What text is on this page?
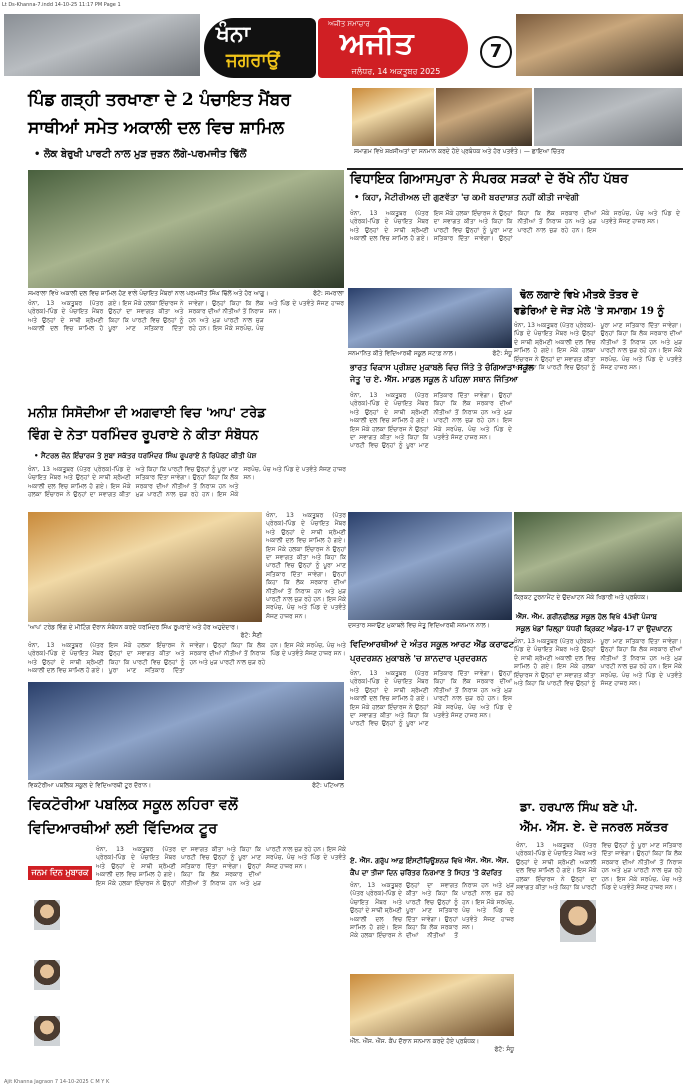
Lt Ds-Khanna-7.indd 14-10-25 11:17 PM Page 1
ਖੰਨਾ
ਜਗਰਾਉਂ
ਅਜੀਤ ਸਮਾਚਾਰ
ਅਜੀਤ
ਜਲੰਧਰ, 14 ਅਕਤੂਬਰ 2025
7
ਪਿੰਡ ਗੜ੍ਹੀ ਤਰਖਾਣਾ ਦੇ 2 ਪੰਚਾਇਤ ਮੈਂਬਰ
ਸਾਥੀਆਂ ਸਮੇਤ ਅਕਾਲੀ ਦਲ ਵਿਚ ਸ਼ਾਮਿਲ
• ਲੋਕ ਬੇਰੁਖੀ ਪਾਰਟੀ ਨਾਲ ਮੁੜ ਜੁੜਨ ਲੱਗੇ-ਪਰਮਜੀਤ ਢਿੱਲੋਂ	ਸਮਾਗਮ ਵਿਖੇ ਸ਼ਖ਼ਸੀਅਤਾਂ ਦਾ ਸਨਮਾਨ ਕਰਦੇ ਹੋਏ ਪ੍ਰਬੰਧਕ ਅਤੇ ਹੋਰ ਪਤਵੰਤੇ। — ਛਾਇਆ ਚਿੱਤਰ
ਸਮਰਾਲਾ ਵਿਖੇ ਅਕਾਲੀ ਦਲ ਵਿਚ ਸ਼ਾਮਿਲ ਹੋਣ ਵਾਲੇ ਪੰਚਾਇਤ ਮੈਂਬਰਾਂ ਨਾਲ ਪਰਮਜੀਤ ਸਿੰਘ ਢਿੱਲੋਂ ਅਤੇ ਹੋਰ ਆਗੂ।	ਫੋਟੋ: ਸਮਰਾਲਾ
ਖੰਨਾ, 13 ਅਕਤੂਬਰ (ਪੱਤਰ ਪ੍ਰੇਰਕ)-ਪਿੰਡ ਦੇ ਪੰਚਾਇਤ ਮੈਂਬਰ ਅਤੇ ਉਨ੍ਹਾਂ ਦੇ ਸਾਥੀ ਸ਼੍ਰੋਮਣੀ ਅਕਾਲੀ ਦਲ ਵਿਚ ਸ਼ਾਮਿਲ ਹੋ ਗਏ। ਇਸ ਮੌਕੇ ਹਲਕਾ ਇੰਚਾਰਜ ਨੇ ਉਨ੍ਹਾਂ ਦਾ ਸਵਾਗਤ ਕੀਤਾ ਅਤੇ ਕਿਹਾ ਕਿ ਪਾਰਟੀ ਵਿਚ ਉਨ੍ਹਾਂ ਨੂੰ ਪੂਰਾ ਮਾਣ ਸਤਿਕਾਰ ਦਿੱਤਾ ਜਾਵੇਗਾ। ਉਨ੍ਹਾਂ ਕਿਹਾ ਕਿ ਲੋਕ ਸਰਕਾਰ ਦੀਆਂ ਨੀਤੀਆਂ ਤੋਂ ਨਿਰਾਸ਼ ਹਨ ਅਤੇ ਮੁੜ ਪਾਰਟੀ ਨਾਲ ਜੁੜ ਰਹੇ ਹਨ। ਇਸ ਮੌਕੇ ਸਰਪੰਚ, ਪੰਚ ਅਤੇ ਪਿੰਡ ਦੇ ਪਤਵੰਤੇ ਸੱਜਣ ਹਾਜ਼ਰ ਸਨ।
ਵਿਧਾਇਕ ਗਿਆਸਪੁਰਾ ਨੇ ਸੰਪਰਕ ਸੜਕਾਂ ਦੇ ਰੱਖੇ ਨੀਂਹ ਪੱਥਰ
• ਕਿਹਾ, ਮੈਟੀਰੀਅਲ ਦੀ ਗੁਣਵੱਤਾ 'ਚ ਕਮੀ ਬਰਦਾਸ਼ਤ ਨਹੀਂ ਕੀਤੀ ਜਾਵੇਗੀ
ਖੰਨਾ, 13 ਅਕਤੂਬਰ (ਪੱਤਰ ਪ੍ਰੇਰਕ)-ਪਿੰਡ ਦੇ ਪੰਚਾਇਤ ਮੈਂਬਰ ਅਤੇ ਉਨ੍ਹਾਂ ਦੇ ਸਾਥੀ ਸ਼੍ਰੋਮਣੀ ਅਕਾਲੀ ਦਲ ਵਿਚ ਸ਼ਾਮਿਲ ਹੋ ਗਏ। ਇਸ ਮੌਕੇ ਹਲਕਾ ਇੰਚਾਰਜ ਨੇ ਉਨ੍ਹਾਂ ਦਾ ਸਵਾਗਤ ਕੀਤਾ ਅਤੇ ਕਿਹਾ ਕਿ ਪਾਰਟੀ ਵਿਚ ਉਨ੍ਹਾਂ ਨੂੰ ਪੂਰਾ ਮਾਣ ਸਤਿਕਾਰ ਦਿੱਤਾ ਜਾਵੇਗਾ। ਉਨ੍ਹਾਂ ਕਿਹਾ ਕਿ ਲੋਕ ਸਰਕਾਰ ਦੀਆਂ ਨੀਤੀਆਂ ਤੋਂ ਨਿਰਾਸ਼ ਹਨ ਅਤੇ ਮੁੜ ਪਾਰਟੀ ਨਾਲ ਜੁੜ ਰਹੇ ਹਨ। ਇਸ ਮੌਕੇ ਸਰਪੰਚ, ਪੰਚ ਅਤੇ ਪਿੰਡ ਦੇ ਪਤਵੰਤੇ ਸੱਜਣ ਹਾਜ਼ਰ ਸਨ।
ਢੋਲ ਲਗਾਏ ਵਿਖੇ ਮੀਤਕੇ ਤੋਤਰ ਦੇ
ਵਡੇਰਿਆਂ ਦੇ ਜੋੜ ਮੇਲੇ 'ਤੇ ਸਮਾਗਮ 19 ਨੂੰ
ਖੰਨਾ, 13 ਅਕਤੂਬਰ (ਪੱਤਰ ਪ੍ਰੇਰਕ)-ਪਿੰਡ ਦੇ ਪੰਚਾਇਤ ਮੈਂਬਰ ਅਤੇ ਉਨ੍ਹਾਂ ਦੇ ਸਾਥੀ ਸ਼੍ਰੋਮਣੀ ਅਕਾਲੀ ਦਲ ਵਿਚ ਸ਼ਾਮਿਲ ਹੋ ਗਏ। ਇਸ ਮੌਕੇ ਹਲਕਾ ਇੰਚਾਰਜ ਨੇ ਉਨ੍ਹਾਂ ਦਾ ਸਵਾਗਤ ਕੀਤਾ ਅਤੇ ਕਿਹਾ ਕਿ ਪਾਰਟੀ ਵਿਚ ਉਨ੍ਹਾਂ ਨੂੰ ਪੂਰਾ ਮਾਣ ਸਤਿਕਾਰ ਦਿੱਤਾ ਜਾਵੇਗਾ। ਉਨ੍ਹਾਂ ਕਿਹਾ ਕਿ ਲੋਕ ਸਰਕਾਰ ਦੀਆਂ ਨੀਤੀਆਂ ਤੋਂ ਨਿਰਾਸ਼ ਹਨ ਅਤੇ ਮੁੜ ਪਾਰਟੀ ਨਾਲ ਜੁੜ ਰਹੇ ਹਨ। ਇਸ ਮੌਕੇ ਸਰਪੰਚ, ਪੰਚ ਅਤੇ ਪਿੰਡ ਦੇ ਪਤਵੰਤੇ ਸੱਜਣ ਹਾਜ਼ਰ ਸਨ।
ਸਨਮਾਨਿਤ ਕੀਤੇ ਵਿਦਿਆਰਥੀ ਸਕੂਲ ਸਟਾਫ਼ ਨਾਲ।	ਫੋਟੋ: ਸੰਧੂ
ਭਾਰਤ ਵਿਕਾਸ ਪ੍ਰੀਸ਼ਦ ਮੁਕਾਬਲੇ ਵਿਚ ਜਿੱਤੇ ਤੇ ਚੰਗਿਆੜਾ ਸਕੂਲ
ਜੇਤੂ 'ਚ ਏ. ਐੱਸ. ਮਾਡਲ ਸਕੂਲ ਨੇ ਪਹਿਲਾ ਸਥਾਨ ਜਿੱਤਿਆ
ਖੰਨਾ, 13 ਅਕਤੂਬਰ (ਪੱਤਰ ਪ੍ਰੇਰਕ)-ਪਿੰਡ ਦੇ ਪੰਚਾਇਤ ਮੈਂਬਰ ਅਤੇ ਉਨ੍ਹਾਂ ਦੇ ਸਾਥੀ ਸ਼੍ਰੋਮਣੀ ਅਕਾਲੀ ਦਲ ਵਿਚ ਸ਼ਾਮਿਲ ਹੋ ਗਏ। ਇਸ ਮੌਕੇ ਹਲਕਾ ਇੰਚਾਰਜ ਨੇ ਉਨ੍ਹਾਂ ਦਾ ਸਵਾਗਤ ਕੀਤਾ ਅਤੇ ਕਿਹਾ ਕਿ ਪਾਰਟੀ ਵਿਚ ਉਨ੍ਹਾਂ ਨੂੰ ਪੂਰਾ ਮਾਣ ਸਤਿਕਾਰ ਦਿੱਤਾ ਜਾਵੇਗਾ। ਉਨ੍ਹਾਂ ਕਿਹਾ ਕਿ ਲੋਕ ਸਰਕਾਰ ਦੀਆਂ ਨੀਤੀਆਂ ਤੋਂ ਨਿਰਾਸ਼ ਹਨ ਅਤੇ ਮੁੜ ਪਾਰਟੀ ਨਾਲ ਜੁੜ ਰਹੇ ਹਨ। ਇਸ ਮੌਕੇ ਸਰਪੰਚ, ਪੰਚ ਅਤੇ ਪਿੰਡ ਦੇ ਪਤਵੰਤੇ ਸੱਜਣ ਹਾਜ਼ਰ ਸਨ।
ਮਨੀਸ਼ ਸਿਸੋਦੀਆ ਦੀ ਅਗਵਾਈ ਵਿਚ 'ਆਪ' ਟਰੇਡ
ਵਿੰਗ ਦੇ ਨੇਤਾ ਧਰਮਿੰਦਰ ਰੂਪਰਾਏ ਨੇ ਕੀਤਾ ਸੰਬੋਧਨ
• ਸੈਂਟਰਲ ਜ਼ੋਨ ਇੰਚਾਰਜ ਤੇ ਸੂਬਾ ਸਕੱਤਰ ਧਰਮਿੰਦਰ ਸਿੰਘ ਰੂਪਰਾਏ ਨੇ ਰਿਪੋਰਟ ਕੀਤੀ ਪੇਸ਼
ਖੰਨਾ, 13 ਅਕਤੂਬਰ (ਪੱਤਰ ਪ੍ਰੇਰਕ)-ਪਿੰਡ ਦੇ ਪੰਚਾਇਤ ਮੈਂਬਰ ਅਤੇ ਉਨ੍ਹਾਂ ਦੇ ਸਾਥੀ ਸ਼੍ਰੋਮਣੀ ਅਕਾਲੀ ਦਲ ਵਿਚ ਸ਼ਾਮਿਲ ਹੋ ਗਏ। ਇਸ ਮੌਕੇ ਹਲਕਾ ਇੰਚਾਰਜ ਨੇ ਉਨ੍ਹਾਂ ਦਾ ਸਵਾਗਤ ਕੀਤਾ ਅਤੇ ਕਿਹਾ ਕਿ ਪਾਰਟੀ ਵਿਚ ਉਨ੍ਹਾਂ ਨੂੰ ਪੂਰਾ ਮਾਣ ਸਤਿਕਾਰ ਦਿੱਤਾ ਜਾਵੇਗਾ। ਉਨ੍ਹਾਂ ਕਿਹਾ ਕਿ ਲੋਕ ਸਰਕਾਰ ਦੀਆਂ ਨੀਤੀਆਂ ਤੋਂ ਨਿਰਾਸ਼ ਹਨ ਅਤੇ ਮੁੜ ਪਾਰਟੀ ਨਾਲ ਜੁੜ ਰਹੇ ਹਨ। ਇਸ ਮੌਕੇ ਸਰਪੰਚ, ਪੰਚ ਅਤੇ ਪਿੰਡ ਦੇ ਪਤਵੰਤੇ ਸੱਜਣ ਹਾਜ਼ਰ ਸਨ।
'ਆਪ' ਟਰੇਡ ਵਿੰਗ ਦੇ ਮੀਟਿੰਗ ਦੌਰਾਨ ਸੰਬੋਧਨ ਕਰਦੇ ਧਰਮਿੰਦਰ ਸਿੰਘ ਰੂਪਰਾਏ ਅਤੇ ਹੋਰ ਅਹੁਦੇਦਾਰ।
ਫੋਟੋ: ਸੈਣੀ
ਖੰਨਾ, 13 ਅਕਤੂਬਰ (ਪੱਤਰ ਪ੍ਰੇਰਕ)-ਪਿੰਡ ਦੇ ਪੰਚਾਇਤ ਮੈਂਬਰ ਅਤੇ ਉਨ੍ਹਾਂ ਦੇ ਸਾਥੀ ਸ਼੍ਰੋਮਣੀ ਅਕਾਲੀ ਦਲ ਵਿਚ ਸ਼ਾਮਿਲ ਹੋ ਗਏ। ਇਸ ਮੌਕੇ ਹਲਕਾ ਇੰਚਾਰਜ ਨੇ ਉਨ੍ਹਾਂ ਦਾ ਸਵਾਗਤ ਕੀਤਾ ਅਤੇ ਕਿਹਾ ਕਿ ਪਾਰਟੀ ਵਿਚ ਉਨ੍ਹਾਂ ਨੂੰ ਪੂਰਾ ਮਾਣ ਸਤਿਕਾਰ ਦਿੱਤਾ ਜਾਵੇਗਾ। ਉਨ੍ਹਾਂ ਕਿਹਾ ਕਿ ਲੋਕ ਸਰਕਾਰ ਦੀਆਂ ਨੀਤੀਆਂ ਤੋਂ ਨਿਰਾਸ਼ ਹਨ ਅਤੇ ਮੁੜ ਪਾਰਟੀ ਨਾਲ ਜੁੜ ਰਹੇ ਹਨ। ਇਸ ਮੌਕੇ ਸਰਪੰਚ, ਪੰਚ ਅਤੇ ਪਿੰਡ ਦੇ ਪਤਵੰਤੇ ਸੱਜਣ ਹਾਜ਼ਰ ਸਨ।
ਖੰਨਾ, 13 ਅਕਤੂਬਰ (ਪੱਤਰ ਪ੍ਰੇਰਕ)-ਪਿੰਡ ਦੇ ਪੰਚਾਇਤ ਮੈਂਬਰ ਅਤੇ ਉਨ੍ਹਾਂ ਦੇ ਸਾਥੀ ਸ਼੍ਰੋਮਣੀ ਅਕਾਲੀ ਦਲ ਵਿਚ ਸ਼ਾਮਿਲ ਹੋ ਗਏ। ਇਸ ਮੌਕੇ ਹਲਕਾ ਇੰਚਾਰਜ ਨੇ ਉਨ੍ਹਾਂ ਦਾ ਸਵਾਗਤ ਕੀਤਾ ਅਤੇ ਕਿਹਾ ਕਿ ਪਾਰਟੀ ਵਿਚ ਉਨ੍ਹਾਂ ਨੂੰ ਪੂਰਾ ਮਾਣ ਸਤਿਕਾਰ ਦਿੱਤਾ ਜਾਵੇਗਾ। ਉਨ੍ਹਾਂ ਕਿਹਾ ਕਿ ਲੋਕ ਸਰਕਾਰ ਦੀਆਂ ਨੀਤੀਆਂ ਤੋਂ ਨਿਰਾਸ਼ ਹਨ ਅਤੇ ਮੁੜ ਪਾਰਟੀ ਨਾਲ ਜੁੜ ਰਹੇ ਹਨ। ਇਸ ਮੌਕੇ ਸਰਪੰਚ, ਪੰਚ ਅਤੇ ਪਿੰਡ ਦੇ ਪਤਵੰਤੇ ਸੱਜਣ ਹਾਜ਼ਰ ਸਨ।
ਦਸਤਾਰ ਸਜਾਉਣ ਮੁਕਾਬਲੇ ਵਿਚ ਜੇਤੂ ਵਿਦਿਆਰਥੀ ਸਨਮਾਨ ਨਾਲ।
ਵਿਦਿਆਰਥੀਆਂ ਦੇ ਅੰਤਰ ਸਕੂਲ ਆਰਟ ਐਂਡ ਕਰਾਫਟ
ਪ੍ਰਦਰਸ਼ਨ ਮੁਕਾਬਲੇ 'ਚ ਸ਼ਾਨਦਾਰ ਪ੍ਰਦਰਸ਼ਨ
ਖੰਨਾ, 13 ਅਕਤੂਬਰ (ਪੱਤਰ ਪ੍ਰੇਰਕ)-ਪਿੰਡ ਦੇ ਪੰਚਾਇਤ ਮੈਂਬਰ ਅਤੇ ਉਨ੍ਹਾਂ ਦੇ ਸਾਥੀ ਸ਼੍ਰੋਮਣੀ ਅਕਾਲੀ ਦਲ ਵਿਚ ਸ਼ਾਮਿਲ ਹੋ ਗਏ। ਇਸ ਮੌਕੇ ਹਲਕਾ ਇੰਚਾਰਜ ਨੇ ਉਨ੍ਹਾਂ ਦਾ ਸਵਾਗਤ ਕੀਤਾ ਅਤੇ ਕਿਹਾ ਕਿ ਪਾਰਟੀ ਵਿਚ ਉਨ੍ਹਾਂ ਨੂੰ ਪੂਰਾ ਮਾਣ ਸਤਿਕਾਰ ਦਿੱਤਾ ਜਾਵੇਗਾ। ਉਨ੍ਹਾਂ ਕਿਹਾ ਕਿ ਲੋਕ ਸਰਕਾਰ ਦੀਆਂ ਨੀਤੀਆਂ ਤੋਂ ਨਿਰਾਸ਼ ਹਨ ਅਤੇ ਮੁੜ ਪਾਰਟੀ ਨਾਲ ਜੁੜ ਰਹੇ ਹਨ। ਇਸ ਮੌਕੇ ਸਰਪੰਚ, ਪੰਚ ਅਤੇ ਪਿੰਡ ਦੇ ਪਤਵੰਤੇ ਸੱਜਣ ਹਾਜ਼ਰ ਸਨ।
ਕ੍ਰਿਕਟ ਟੂਰਨਾਮੈਂਟ ਦੇ ਉਦਘਾਟਨ ਮੌਕੇ ਖਿਡਾਰੀ ਅਤੇ ਪ੍ਰਬੰਧਕ।
ਐੱਸ. ਐੱਮ. ਗਰੀਨਫੀਲਡ ਸਕੂਲ ਹੋਲ ਵਿਖੇ 45ਵੀਂ ਪੰਜਾਬ
ਸਕੂਲ ਖੇਡਾਂ ਜ਼ਿਲ੍ਹਾ ਪੱਧਰੀ ਕ੍ਰਿਕਟ ਅੰਡਰ-17 ਦਾ ਉਦਘਾਟਨ
ਖੰਨਾ, 13 ਅਕਤੂਬਰ (ਪੱਤਰ ਪ੍ਰੇਰਕ)-ਪਿੰਡ ਦੇ ਪੰਚਾਇਤ ਮੈਂਬਰ ਅਤੇ ਉਨ੍ਹਾਂ ਦੇ ਸਾਥੀ ਸ਼੍ਰੋਮਣੀ ਅਕਾਲੀ ਦਲ ਵਿਚ ਸ਼ਾਮਿਲ ਹੋ ਗਏ। ਇਸ ਮੌਕੇ ਹਲਕਾ ਇੰਚਾਰਜ ਨੇ ਉਨ੍ਹਾਂ ਦਾ ਸਵਾਗਤ ਕੀਤਾ ਅਤੇ ਕਿਹਾ ਕਿ ਪਾਰਟੀ ਵਿਚ ਉਨ੍ਹਾਂ ਨੂੰ ਪੂਰਾ ਮਾਣ ਸਤਿਕਾਰ ਦਿੱਤਾ ਜਾਵੇਗਾ। ਉਨ੍ਹਾਂ ਕਿਹਾ ਕਿ ਲੋਕ ਸਰਕਾਰ ਦੀਆਂ ਨੀਤੀਆਂ ਤੋਂ ਨਿਰਾਸ਼ ਹਨ ਅਤੇ ਮੁੜ ਪਾਰਟੀ ਨਾਲ ਜੁੜ ਰਹੇ ਹਨ। ਇਸ ਮੌਕੇ ਸਰਪੰਚ, ਪੰਚ ਅਤੇ ਪਿੰਡ ਦੇ ਪਤਵੰਤੇ ਸੱਜਣ ਹਾਜ਼ਰ ਸਨ।
ਵਿਕਟੋਰੀਆ ਪਬਲਿਕ ਸਕੂਲ ਦੇ ਵਿਦਿਆਰਥੀ ਟੂਰ ਦੌਰਾਨ।	ਫੋਟੋ: ਪਟਿਆਲ
ਵਿਕਟੋਰੀਆ ਪਬਲਿਕ ਸਕੂਲ ਲਹਿਰਾ ਵਲੋਂ
ਵਿਦਿਆਰਥੀਆਂ ਲਈ ਵਿੱਦਿਅਕ ਟੂਰ
ਖੰਨਾ, 13 ਅਕਤੂਬਰ (ਪੱਤਰ ਪ੍ਰੇਰਕ)-ਪਿੰਡ ਦੇ ਪੰਚਾਇਤ ਮੈਂਬਰ ਅਤੇ ਉਨ੍ਹਾਂ ਦੇ ਸਾਥੀ ਸ਼੍ਰੋਮਣੀ ਅਕਾਲੀ ਦਲ ਵਿਚ ਸ਼ਾਮਿਲ ਹੋ ਗਏ। ਇਸ ਮੌਕੇ ਹਲਕਾ ਇੰਚਾਰਜ ਨੇ ਉਨ੍ਹਾਂ ਦਾ ਸਵਾਗਤ ਕੀਤਾ ਅਤੇ ਕਿਹਾ ਕਿ ਪਾਰਟੀ ਵਿਚ ਉਨ੍ਹਾਂ ਨੂੰ ਪੂਰਾ ਮਾਣ ਸਤਿਕਾਰ ਦਿੱਤਾ ਜਾਵੇਗਾ। ਉਨ੍ਹਾਂ ਕਿਹਾ ਕਿ ਲੋਕ ਸਰਕਾਰ ਦੀਆਂ ਨੀਤੀਆਂ ਤੋਂ ਨਿਰਾਸ਼ ਹਨ ਅਤੇ ਮੁੜ ਪਾਰਟੀ ਨਾਲ ਜੁੜ ਰਹੇ ਹਨ। ਇਸ ਮੌਕੇ ਸਰਪੰਚ, ਪੰਚ ਅਤੇ ਪਿੰਡ ਦੇ ਪਤਵੰਤੇ ਸੱਜਣ ਹਾਜ਼ਰ ਸਨ।
ਜਨਮ ਦਿਨ ਮੁਬਾਰਕ
ਡਾ. ਹਰਪਾਲ ਸਿੰਘ ਬਣੇ ਪੀ.
ਐੱਮ. ਐੱਸ. ਏ. ਦੇ ਜਨਰਲ ਸਕੱਤਰ
ਖੰਨਾ, 13 ਅਕਤੂਬਰ (ਪੱਤਰ ਪ੍ਰੇਰਕ)-ਪਿੰਡ ਦੇ ਪੰਚਾਇਤ ਮੈਂਬਰ ਅਤੇ ਉਨ੍ਹਾਂ ਦੇ ਸਾਥੀ ਸ਼੍ਰੋਮਣੀ ਅਕਾਲੀ ਦਲ ਵਿਚ ਸ਼ਾਮਿਲ ਹੋ ਗਏ। ਇਸ ਮੌਕੇ ਹਲਕਾ ਇੰਚਾਰਜ ਨੇ ਉਨ੍ਹਾਂ ਦਾ ਸਵਾਗਤ ਕੀਤਾ ਅਤੇ ਕਿਹਾ ਕਿ ਪਾਰਟੀ ਵਿਚ ਉਨ੍ਹਾਂ ਨੂੰ ਪੂਰਾ ਮਾਣ ਸਤਿਕਾਰ ਦਿੱਤਾ ਜਾਵੇਗਾ। ਉਨ੍ਹਾਂ ਕਿਹਾ ਕਿ ਲੋਕ ਸਰਕਾਰ ਦੀਆਂ ਨੀਤੀਆਂ ਤੋਂ ਨਿਰਾਸ਼ ਹਨ ਅਤੇ ਮੁੜ ਪਾਰਟੀ ਨਾਲ ਜੁੜ ਰਹੇ ਹਨ। ਇਸ ਮੌਕੇ ਸਰਪੰਚ, ਪੰਚ ਅਤੇ ਪਿੰਡ ਦੇ ਪਤਵੰਤੇ ਸੱਜਣ ਹਾਜ਼ਰ ਸਨ।
ਏ. ਐੱਸ. ਗਰੁੱਪ ਆਫ਼ ਇੰਸਟੀਚਿਊਸ਼ਨਜ਼ ਵਿਖੇ ਐੱਸ. ਐੱਸ. ਐੱਸ.
ਕੈਂਪ ਦਾ ਤੀਜਾ ਦਿਨ ਚਰਿੱਤਰ ਨਿਰਮਾਣ ਤੇ ਸਿਹਤ 'ਤੇ ਕੇਂਦਰਿਤ
ਖੰਨਾ, 13 ਅਕਤੂਬਰ (ਪੱਤਰ ਪ੍ਰੇਰਕ)-ਪਿੰਡ ਦੇ ਪੰਚਾਇਤ ਮੈਂਬਰ ਅਤੇ ਉਨ੍ਹਾਂ ਦੇ ਸਾਥੀ ਸ਼੍ਰੋਮਣੀ ਅਕਾਲੀ ਦਲ ਵਿਚ ਸ਼ਾਮਿਲ ਹੋ ਗਏ। ਇਸ ਮੌਕੇ ਹਲਕਾ ਇੰਚਾਰਜ ਨੇ ਉਨ੍ਹਾਂ ਦਾ ਸਵਾਗਤ ਕੀਤਾ ਅਤੇ ਕਿਹਾ ਕਿ ਪਾਰਟੀ ਵਿਚ ਉਨ੍ਹਾਂ ਨੂੰ ਪੂਰਾ ਮਾਣ ਸਤਿਕਾਰ ਦਿੱਤਾ ਜਾਵੇਗਾ। ਉਨ੍ਹਾਂ ਕਿਹਾ ਕਿ ਲੋਕ ਸਰਕਾਰ ਦੀਆਂ ਨੀਤੀਆਂ ਤੋਂ ਨਿਰਾਸ਼ ਹਨ ਅਤੇ ਮੁੜ ਪਾਰਟੀ ਨਾਲ ਜੁੜ ਰਹੇ ਹਨ। ਇਸ ਮੌਕੇ ਸਰਪੰਚ, ਪੰਚ ਅਤੇ ਪਿੰਡ ਦੇ ਪਤਵੰਤੇ ਸੱਜਣ ਹਾਜ਼ਰ ਸਨ।
ਐੱਨ. ਐੱਸ. ਐੱਸ. ਕੈਂਪ ਦੌਰਾਨ ਸਨਮਾਨ ਕਰਦੇ ਹੋਏ ਪ੍ਰਬੰਧਕ।
ਫੋਟੋ: ਸੰਧੂ
Ajit Khanna Jagraon 7 14-10-2025 C M Y K
